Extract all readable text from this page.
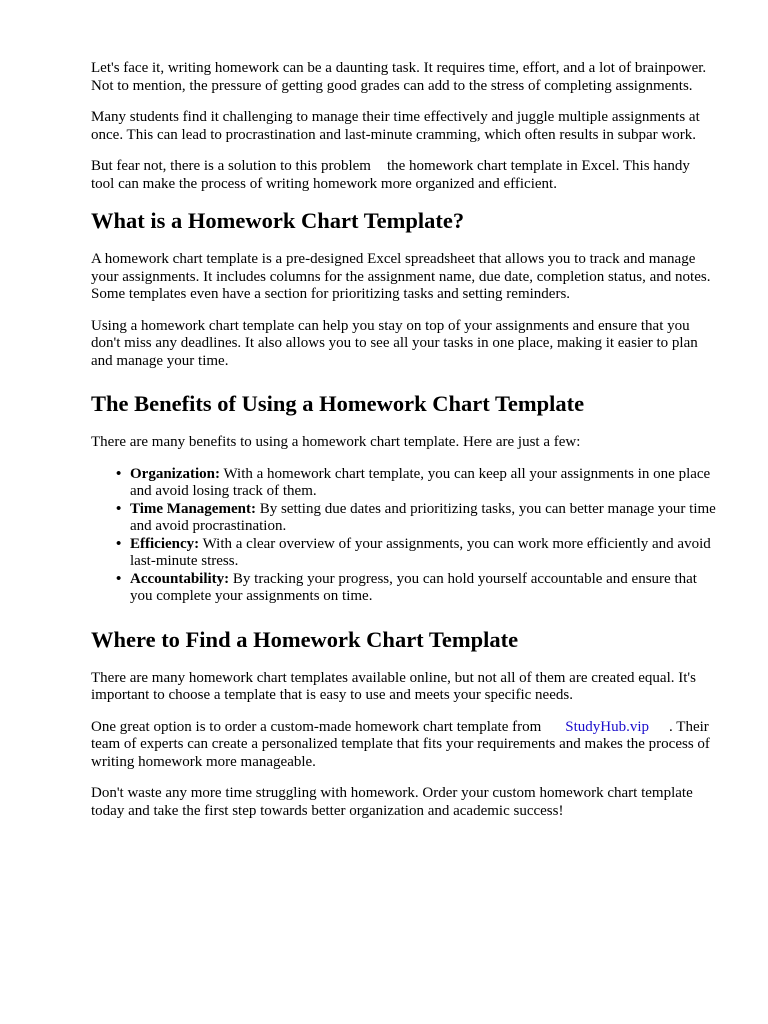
Let's face it, writing homework can be a daunting task. It requires time, effort, and a lot of brainpower. Not to mention, the pressure of getting good grades can add to the stress of completing assignments.

Many students find it challenging to manage their time effectively and juggle multiple assignments at once. This can lead to procrastination and last-minute cramming, which often results in subpar work.

But fear not, there is a solution to this problem the homework chart template in Excel. This handy tool can make the process of writing homework more organized and efficient.

What is a Homework Chart Template?

A homework chart template is a pre-designed Excel spreadsheet that allows you to track and manage your assignments. It includes columns for the assignment name, due date, completion status, and notes. Some templates even have a section for prioritizing tasks and setting reminders.

Using a homework chart template can help you stay on top of your assignments and ensure that you don't miss any deadlines. It also allows you to see all your tasks in one place, making it easier to plan and manage your time.

The Benefits of Using a Homework Chart Template

There are many benefits to using a homework chart template. Here are just a few:

• Organization: With a homework chart template, you can keep all your assignments in one place and avoid losing track of them.
• Time Management: By setting due dates and prioritizing tasks, you can better manage your time and avoid procrastination.
• Efficiency: With a clear overview of your assignments, you can work more efficiently and avoid last-minute stress.
• Accountability: By tracking your progress, you can hold yourself accountable and ensure that you complete your assignments on time.
Where to Find a Homework Chart Template

There are many homework chart templates available online, but not all of them are created equal. It's important to choose a template that is easy to use and meets your specific needs.

One great option is to order a custom-made homework chart template from StudyHub.vip . Their team of experts can create a personalized template that fits your requirements and makes the process of writing homework more manageable.

Don't waste any more time struggling with homework. Order your custom homework chart template today and take the first step towards better organization and academic success!
